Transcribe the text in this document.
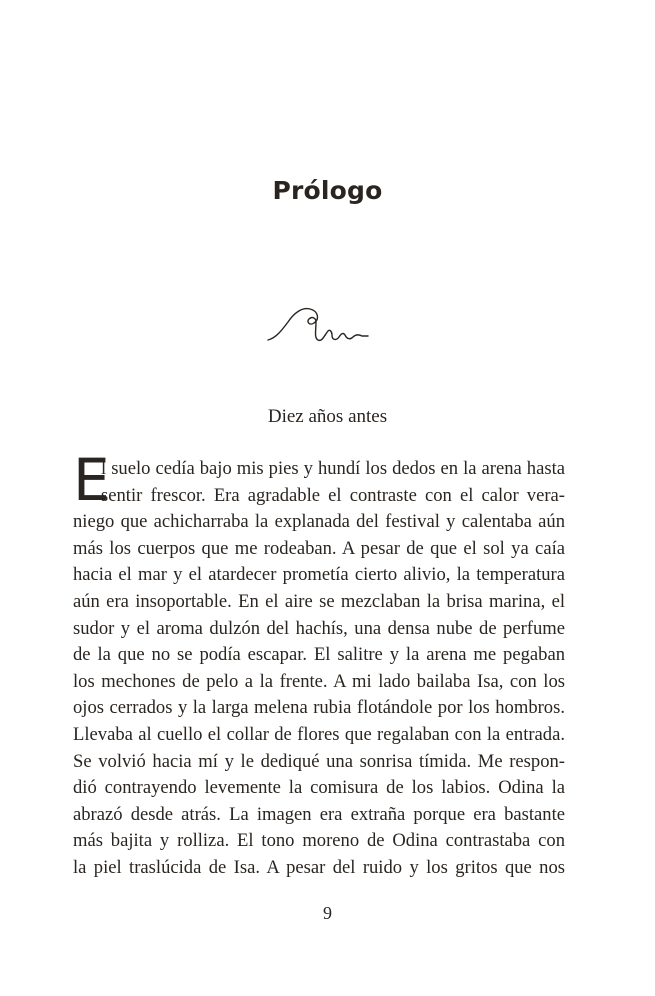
Prólogo
Diez años antes
E
l suelo cedía bajo mis pies y hundí los dedos en la arena hasta
sentir frescor. Era agradable el contraste con el calor vera-
niego que achicharraba la explanada del festival y calentaba aún
más los cuerpos que me rodeaban. A pesar de que el sol ya caía
hacia el mar y el atardecer prometía cierto alivio, la temperatura
aún era insoportable. En el aire se mezclaban la brisa marina, el
sudor y el aroma dulzón del hachís, una densa nube de perfume
de la que no se podía escapar. El salitre y la arena me pegaban
los mechones de pelo a la frente. A mi lado bailaba Isa, con los
ojos cerrados y la larga melena rubia flotándole por los hombros.
Llevaba al cuello el collar de flores que regalaban con la entrada.
Se volvió hacia mí y le dediqué una sonrisa tímida. Me respon-
dió contrayendo levemente la comisura de los labios. Odina la
abrazó desde atrás. La imagen era extraña porque era bastante
más bajita y rolliza. El tono moreno de Odina contrastaba con
la piel traslúcida de Isa. A pesar del ruido y los gritos que nos
9
